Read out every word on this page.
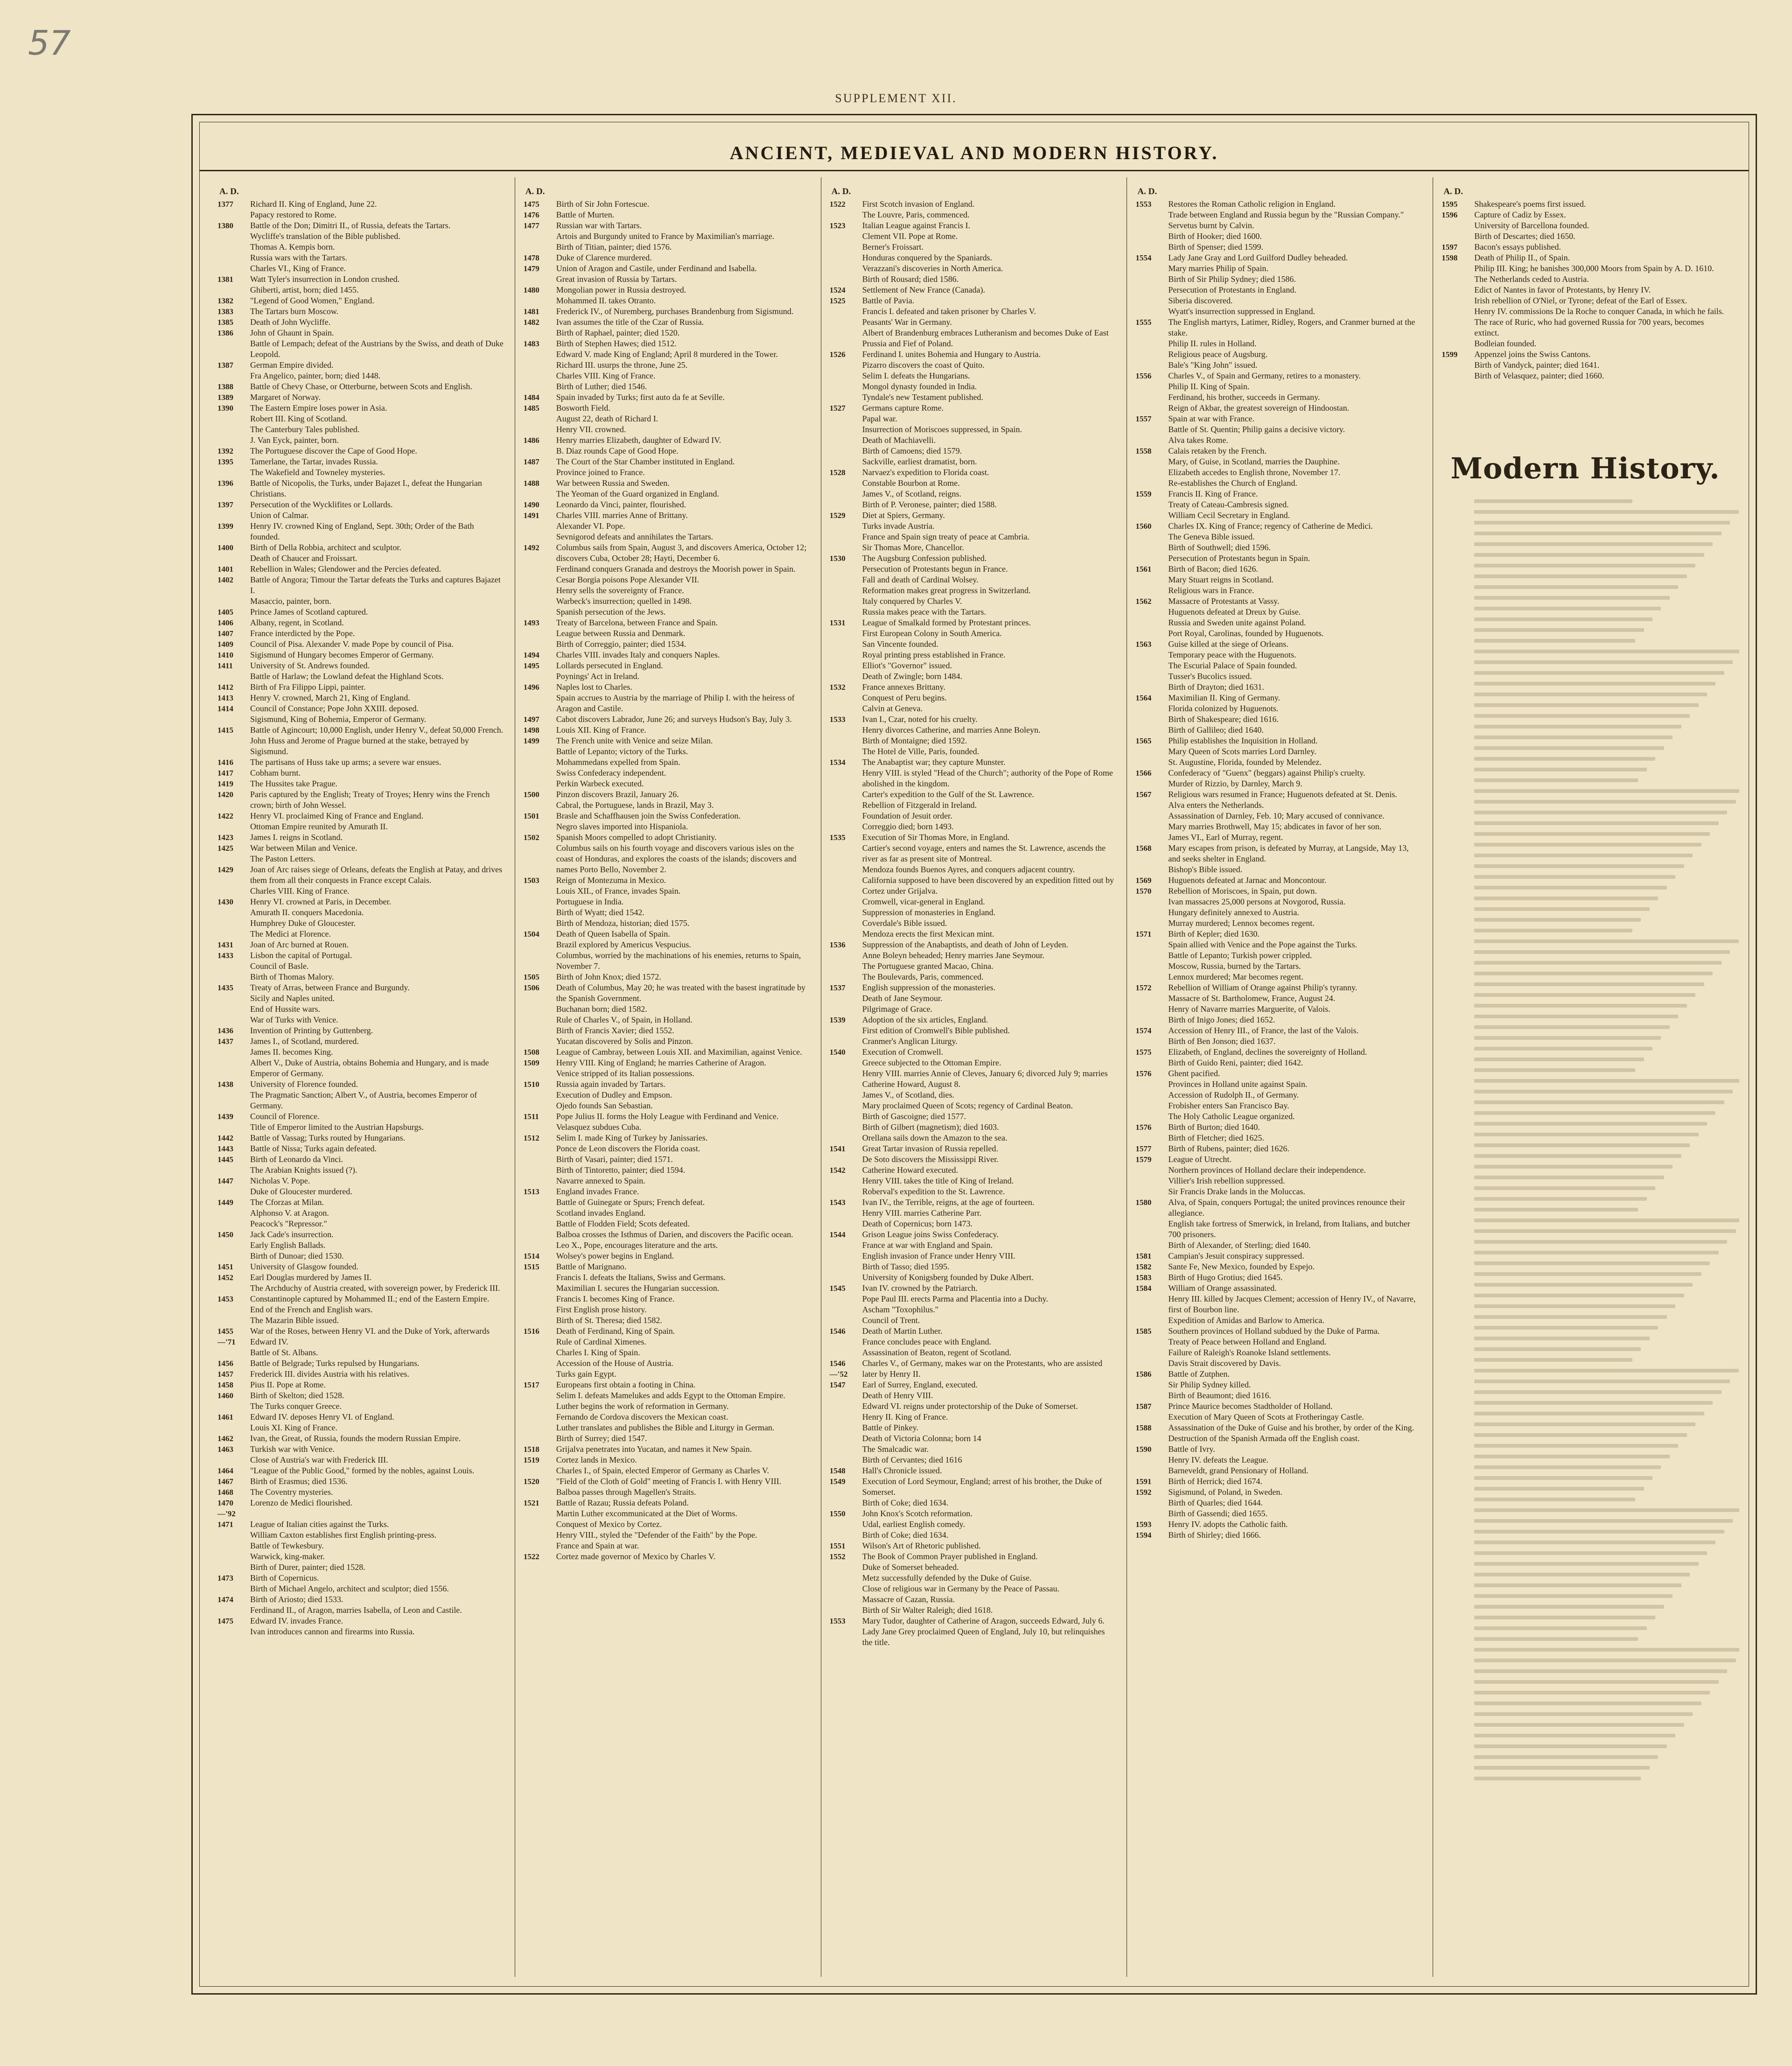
57
SUPPLEMENT XII.
ANCIENT, MEDIEVAL AND MODERN HISTORY.
A. D.
1377	Richard II. King of England, June 22.
Papacy restored to Rome.
1380	Battle of the Don; Dimitri II., of Russia, defeats the Tartars.
Wycliffe's translation of the Bible published.
Thomas A. Kempis born.
Russia wars with the Tartars.
Charles VI., King of France.
1381	Watt Tyler's insurrection in London crushed.
Ghiberti, artist, born; died 1455.
1382	"Legend of Good Women," England.
1383	The Tartars burn Moscow.
1385	Death of John Wycliffe.
1386	John of Ghaunt in Spain.
Battle of Lempach; defeat of the Austrians by the Swiss, and death of Duke Leopold.
1387	German Empire divided.
Fra Angelico, painter, born; died 1448.
1388	Battle of Chevy Chase, or Otterburne, between Scots and English.
1389	Margaret of Norway.
1390	The Eastern Empire loses power in Asia.
Robert III. King of Scotland.
The Canterbury Tales published.
J. Van Eyck, painter, born.
1392	The Portuguese discover the Cape of Good Hope.
1395	Tamerlane, the Tartar, invades Russia.
The Wakefield and Towneley mysteries.
1396	Battle of Nicopolis, the Turks, under Bajazet I., defeat the Hungarian Christians.
1397	Persecution of the Wycklifites or Lollards.
Union of Calmar.
1399	Henry IV. crowned King of England, Sept. 30th; Order of the Bath founded.
1400	Birth of Della Robbia, architect and sculptor.
Death of Chaucer and Froissart.
1401	Rebellion in Wales; Glendower and the Percies defeated.
1402	Battle of Angora; Timour the Tartar defeats the Turks and captures Bajazet I.
Masaccio, painter, born.
1405	Prince James of Scotland captured.
1406	Albany, regent, in Scotland.
1407	France interdicted by the Pope.
1409	Council of Pisa. Alexander V. made Pope by council of Pisa.
1410	Sigismund of Hungary becomes Emperor of Germany.
1411	University of St. Andrews founded.
Battle of Harlaw; the Lowland defeat the Highland Scots.
1412	Birth of Fra Filippo Lippi, painter.
1413	Henry V. crowned, March 21, King of England.
1414	Council of Constance; Pope John XXIII. deposed.
Sigismund, King of Bohemia, Emperor of Germany.
1415	Battle of Agincourt; 10,000 English, under Henry V., defeat 50,000 French.
John Huss and Jerome of Prague burned at the stake, betrayed by Sigismund.
1416	The partisans of Huss take up arms; a severe war ensues.
1417	Cobham burnt.
1419	The Hussites take Prague.
1420	Paris captured by the English; Treaty of Troyes; Henry wins the French crown; birth of John Wessel.
1422	Henry VI. proclaimed King of France and England.
Ottoman Empire reunited by Amurath II.
1423	James I. reigns in Scotland.
1425	War between Milan and Venice.
The Paston Letters.
1429	Joan of Arc raises siege of Orleans, defeats the English at Patay, and drives them from all their conquests in France except Calais.
Charles VIII. King of France.
1430	Henry VI. crowned at Paris, in December.
Amurath II. conquers Macedonia.
Humphrey Duke of Gloucester.
The Medici at Florence.
1431	Joan of Arc burned at Rouen.
1433	Lisbon the capital of Portugal.
Council of Basle.
Birth of Thomas Malory.
1435	Treaty of Arras, between France and Burgundy.
Sicily and Naples united.
End of Hussite wars.
War of Turks with Venice.
1436	Invention of Printing by Guttenberg.
1437	James I., of Scotland, murdered.
James II. becomes King.
Albert V., Duke of Austria, obtains Bohemia and Hungary, and is made Emperor of Germany.
1438	University of Florence founded.
The Pragmatic Sanction; Albert V., of Austria, becomes Emperor of Germany.
1439	Council of Florence.
Title of Emperor limited to the Austrian Hapsburgs.
1442	Battle of Vassag; Turks routed by Hungarians.
1443	Battle of Nissa; Turks again defeated.
1445	Birth of Leonardo da Vinci.
The Arabian Knights issued (?).
1447	Nicholas V. Pope.
Duke of Gloucester murdered.
1449	The Cforzas at Milan.
Alphonso V. at Aragon.
Peacock's "Repressor."
1450	Jack Cade's insurrection.
Early English Ballads.
Birth of Dunoar; died 1530.
1451	University of Glasgow founded.
1452	Earl Douglas murdered by James II.
The Archduchy of Austria created, with sovereign power, by Frederick III.
1453	Constantinople captured by Mohammed II.; end of the Eastern Empire.
End of the French and English wars.
The Mazarin Bible issued.
1455—'71
War of the Roses, between Henry VI. and the Duke of York, afterwards Edward IV.
Battle of St. Albans.
1456	Battle of Belgrade; Turks repulsed by Hungarians.
1457	Frederick III. divides Austria with his relatives.
1458	Pius II. Pope at Rome.
1460	Birth of Skelton; died 1528.
The Turks conquer Greece.
1461	Edward IV. deposes Henry VI. of England.
Louis XI. King of France.
1462	Ivan, the Great, of Russia, founds the modern Russian Empire.
1463	Turkish war with Venice.
Close of Austria's war with Frederick III.
1464	"League of the Public Good," formed by the nobles, against Louis.
1467	Birth of Erasmus; died 1536.
1468	The Coventry mysteries.
1470—'92
Lorenzo de Medici flourished.
1471	League of Italian cities against the Turks.
William Caxton establishes first English printing-press.
Battle of Tewkesbury.
Warwick, king-maker.
Birth of Durer, painter; died 1528.
1473	Birth of Copernicus.
Birth of Michael Angelo, architect and sculptor; died 1556.
1474	Birth of Ariosto; died 1533.
Ferdinand II., of Aragon, marries Isabella, of Leon and Castile.
1475	Edward IV. invades France.
Ivan introduces cannon and firearms into Russia.
A. D.
1475	Birth of Sir John Fortescue.
1476	Battle of Murten.
1477	Russian war with Tartars.
Artois and Burgundy united to France by Maximilian's marriage.
Birth of Titian, painter; died 1576.
1478	Duke of Clarence murdered.
1479	Union of Aragon and Castile, under Ferdinand and Isabella.
Great invasion of Russia by Tartars.
1480	Mongolian power in Russia destroyed.
Mohammed II. takes Otranto.
1481	Frederick IV., of Nuremberg, purchases Brandenburg from Sigismund.
1482	Ivan assumes the title of the Czar of Russia.
Birth of Raphael, painter; died 1520.
1483	Birth of Stephen Hawes; died 1512.
Edward V. made King of England; April 8 murdered in the Tower.
Richard III. usurps the throne, June 25.
Charles VIII. King of France.
Birth of Luther; died 1546.
1484	Spain invaded by Turks; first auto da fe at Seville.
1485	Bosworth Field.
August 22, death of Richard I.
Henry VII. crowned.
1486	Henry marries Elizabeth, daughter of Edward IV.
B. Diaz rounds Cape of Good Hope.
1487	The Court of the Star Chamber instituted in England.
Province joined to France.
1488	War between Russia and Sweden.
The Yeoman of the Guard organized in England.
1490	Leonardo da Vinci, painter, flourished.
1491	Charles VIII. marries Anne of Brittany.
Alexander VI. Pope.
Sevnigorod defeats and annihilates the Tartars.
1492	Columbus sails from Spain, August 3, and discovers America, October 12; discovers Cuba, October 28; Hayti, December 6.
Ferdinand conquers Granada and destroys the Moorish power in Spain.
Cesar Borgia poisons Pope Alexander VII.
Henry sells the sovereignty of France.
Warbeck's insurrection; quelled in 1498.
Spanish persecution of the Jews.
1493	Treaty of Barcelona, between France and Spain.
League between Russia and Denmark.
Birth of Correggio, painter; died 1534.
1494	Charles VIII. invades Italy and conquers Naples.
1495	Lollards persecuted in England.
Poynings' Act in Ireland.
1496	Naples lost to Charles.
Spain accrues to Austria by the marriage of Philip I. with the heiress of Aragon and Castile.
1497	Cabot discovers Labrador, June 26; and surveys Hudson's Bay, July 3.
1498	Louis XII. King of France.
1499	The French unite with Venice and seize Milan.
Battle of Lepanto; victory of the Turks.
Mohammedans expelled from Spain.
Swiss Confederacy independent.
Perkin Warbeck executed.
1500	Pinzon discovers Brazil, January 26.
Cabral, the Portuguese, lands in Brazil, May 3.
1501	Brasle and Schaffhausen join the Swiss Confederation.
Negro slaves imported into Hispaniola.
1502	Spanish Moors compelled to adopt Christianity.
Columbus sails on his fourth voyage and discovers various isles on the coast of Honduras, and explores the coasts of the islands; discovers and names Porto Bello, November 2.
1503	Reign of Montezuma in Mexico.
Louis XII., of France, invades Spain.
Portuguese in India.
Birth of Wyatt; died 1542.
Birth of Mendoza, historian; died 1575.
1504	Death of Queen Isabella of Spain.
Brazil explored by Americus Vespucius.
Columbus, worried by the machinations of his enemies, returns to Spain, November 7.
1505	Birth of John Knox; died 1572.
1506	Death of Columbus, May 20; he was treated with the basest ingratitude by the Spanish Government.
Buchanan born; died 1582.
Rule of Charles V., of Spain, in Holland.
Birth of Francis Xavier; died 1552.
Yucatan discovered by Solis and Pinzon.
1508	League of Cambray, between Louis XII. and Maximilian, against Venice.
1509	Henry VIII. King of England; he marries Catherine of Aragon.
Venice stripped of its Italian possessions.
1510	Russia again invaded by Tartars.
Execution of Dudley and Empson.
Ojedo founds San Sebastian.
1511	Pope Julius II. forms the Holy League with Ferdinand and Venice.
Velasquez subdues Cuba.
1512	Selim I. made King of Turkey by Janissaries.
Ponce de Leon discovers the Florida coast.
Birth of Vasari, painter; died 1571.
Birth of Tintoretto, painter; died 1594.
Navarre annexed to Spain.
1513	England invades France.
Battle of Guinegate or Spurs; French defeat.
Scotland invades England.
Battle of Flodden Field; Scots defeated.
Balboa crosses the Isthmus of Darien, and discovers the Pacific ocean.
Leo X., Pope, encourages literature and the arts.
1514	Wolsey's power begins in England.
1515	Battle of Marignano.
Francis I. defeats the Italians, Swiss and Germans.
Maximilian I. secures the Hungarian succession.
Francis I. becomes King of France.
First English prose history.
Birth of St. Theresa; died 1582.
1516	Death of Ferdinand, King of Spain.
Rule of Cardinal Ximenes.
Charles I. King of Spain.
Accession of the House of Austria.
Turks gain Egypt.
1517	Europeans first obtain a footing in China.
Selim I. defeats Mamelukes and adds Egypt to the Ottoman Empire.
Luther begins the work of reformation in Germany.
Fernando de Cordova discovers the Mexican coast.
Luther translates and publishes the Bible and Liturgy in German.
Birth of Surrey; died 1547.
1518	Grijalva penetrates into Yucatan, and names it New Spain.
1519	Cortez lands in Mexico.
Charles I., of Spain, elected Emperor of Germany as Charles V.
1520	"Field of the Cloth of Gold" meeting of Francis I. with Henry VIII.
Balboa passes through Magellen's Straits.
1521	Battle of Razau; Russia defeats Poland.
Martin Luther excommunicated at the Diet of Worms.
Conquest of Mexico by Cortez.
Henry VIII., styled the "Defender of the Faith" by the Pope.
France and Spain at war.
1522	Cortez made governor of Mexico by Charles V.
A. D.
1522	First Scotch invasion of England.
The Louvre, Paris, commenced.
1523	Italian League against Francis I.
Clement VII. Pope at Rome.
Berner's Froissart.
Honduras conquered by the Spaniards.
Verazzani's discoveries in North America.
Birth of Rousard; died 1586.
1524	Settlement of New France (Canada).
1525	Battle of Pavia.
Francis I. defeated and taken prisoner by Charles V.
Peasants' War in Germany.
Albert of Brandenburg embraces Lutheranism and becomes Duke of East Prussia and Fief of Poland.
1526	Ferdinand I. unites Bohemia and Hungary to Austria.
Pizarro discovers the coast of Quito.
Selim I. defeats the Hungarians.
Mongol dynasty founded in India.
Tyndale's new Testament published.
1527	Germans capture Rome.
Papal war.
Insurrection of Moriscoes suppressed, in Spain.
Death of Machiavelli.
Birth of Camoens; died 1579.
Sackville, earliest dramatist, born.
1528	Narvaez's expedition to Florida coast.
Constable Bourbon at Rome.
James V., of Scotland, reigns.
Birth of P. Veronese, painter; died 1588.
1529	Diet at Spiers, Germany.
Turks invade Austria.
France and Spain sign treaty of peace at Cambria.
Sir Thomas More, Chancellor.
1530	The Augsburg Confession published.
Persecution of Protestants begun in France.
Fall and death of Cardinal Wolsey.
Reformation makes great progress in Switzerland.
Italy conquered by Charles V.
Russia makes peace with the Tartars.
1531	League of Smalkald formed by Protestant princes.
First European Colony in South America.
San Vincente founded.
Royal printing press established in France.
Elliot's "Governor" issued.
Death of Zwingle; born 1484.
1532	France annexes Brittany.
Conquest of Peru begins.
Calvin at Geneva.
1533	Ivan I., Czar, noted for his cruelty.
Henry divorces Catherine, and marries Anne Boleyn.
Birth of Montaigne; died 1592.
The Hotel de Ville, Paris, founded.
1534	The Anabaptist war; they capture Munster.
Henry VIII. is styled "Head of the Church"; authority of the Pope of Rome abolished in the kingdom.
Carter's expedition to the Gulf of the St. Lawrence.
Rebellion of Fitzgerald in Ireland.
Foundation of Jesuit order.
Correggio died; born 1493.
1535	Execution of Sir Thomas More, in England.
Cartier's second voyage, enters and names the St. Lawrence, ascends the river as far as present site of Montreal.
Mendoza founds Buenos Ayres, and conquers adjacent country.
California supposed to have been discovered by an expedition fitted out by Cortez under Grijalva.
Cromwell, vicar-general in England.
Suppression of monasteries in England.
Coverdale's Bible issued.
Mendoza erects the first Mexican mint.
1536	Suppression of the Anabaptists, and death of John of Leyden.
Anne Boleyn beheaded; Henry marries Jane Seymour.
The Portuguese granted Macao, China.
The Boulevards, Paris, commenced.
1537	English suppression of the monasteries.
Death of Jane Seymour.
Pilgrimage of Grace.
1539	Adoption of the six articles, England.
First edition of Cromwell's Bible published.
Cranmer's Anglican Liturgy.
1540	Execution of Cromwell.
Greece subjected to the Ottoman Empire.
Henry VIII. marries Annie of Cleves, January 6; divorced July 9; marries Catherine Howard, August 8.
James V., of Scotland, dies.
Mary proclaimed Queen of Scots; regency of Cardinal Beaton.
Birth of Gascoigne; died 1577.
Birth of Gilbert (magnetism); died 1603.
Orellana sails down the Amazon to the sea.
1541	Great Tartar invasion of Russia repelled.
De Soto discovers the Mississippi River.
1542	Catherine Howard executed.
Henry VIII. takes the title of King of Ireland.
Roberval's expedition to the St. Lawrence.
1543	Ivan IV., the Terrible, reigns, at the age of fourteen.
Henry VIII. marries Catherine Parr.
Death of Copernicus; born 1473.
1544	Grison League joins Swiss Confederacy.
France at war with England and Spain.
English invasion of France under Henry VIII.
Birth of Tasso; died 1595.
University of Konigsberg founded by Duke Albert.
1545	Ivan IV. crowned by the Patriarch.
Pope Paul III. erects Parma and Placentia into a Duchy.
Ascham "Toxophilus."
Council of Trent.
1546	Death of Martin Luther.
France concludes peace with England.
Assassination of Beaton, regent of Scotland.
1546—'52
Charles V., of Germany, makes war on the Protestants, who are assisted later by Henry II.
1547	Earl of Surrey, England, executed.
Death of Henry VIII.
Edward VI. reigns under protectorship of the Duke of Somerset.
Henry II. King of France.
Battle of Pinkey.
Death of Victoria Colonna; born 14
The Smalcadic war.
Birth of Cervantes; died 1616
1548	Hall's Chronicle issued.
1549	Execution of Lord Seymour, England; arrest of his brother, the Duke of Somerset.
Birth of Coke; died 1634.
1550	John Knox's Scotch reformation.
Udal, earliest English comedy.
Birth of Coke; died 1634.
1551	Wilson's Art of Rhetoric published.
1552	The Book of Common Prayer published in England.
Duke of Somerset beheaded.
Metz successfully defended by the Duke of Guise.
Close of religious war in Germany by the Peace of Passau.
Massacre of Cazan, Russia.
Birth of Sir Walter Raleigh; died 1618.
1553	Mary Tudor, daughter of Catherine of Aragon, succeeds Edward, July 6.
Lady Jane Grey proclaimed Queen of England, July 10, but relinquishes the title.
A. D.
1553	Restores the Roman Catholic religion in England.
Trade between England and Russia begun by the "Russian Company."
Servetus burnt by Calvin.
Birth of Hooker; died 1600.
Birth of Spenser; died 1599.
1554	Lady Jane Gray and Lord Guilford Dudley beheaded.
Mary marries Philip of Spain.
Birth of Sir Philip Sydney; died 1586.
Persecution of Protestants in England.
Siberia discovered.
Wyatt's insurrection suppressed in England.
1555	The English martyrs, Latimer, Ridley, Rogers, and Cranmer burned at the stake.
Philip II. rules in Holland.
Religious peace of Augsburg.
Bale's "King John" issued.
1556	Charles V., of Spain and Germany, retires to a monastery.
Philip II. King of Spain.
Ferdinand, his brother, succeeds in Germany.
Reign of Akbar, the greatest sovereign of Hindoostan.
1557	Spain at war with France.
Battle of St. Quentin; Philip gains a decisive victory.
Alva takes Rome.
1558	Calais retaken by the French.
Mary, of Guise, in Scotland, marries the Dauphine.
Elizabeth accedes to English throne, November 17.
Re-establishes the Church of England.
1559	Francis II. King of France.
Treaty of Cateau-Cambresis signed.
William Cecil Secretary in England.
1560	Charles IX. King of France; regency of Catherine de Medici.
The Geneva Bible issued.
Birth of Southwell; died 1596.
Persecution of Protestants begun in Spain.
1561	Birth of Bacon; died 1626.
Mary Stuart reigns in Scotland.
Religious wars in France.
1562	Massacre of Protestants at Vassy.
Huguenots defeated at Dreux by Guise.
Russia and Sweden unite against Poland.
Port Royal, Carolinas, founded by Huguenots.
1563	Guise killed at the siege of Orleans.
Temporary peace with the Huguenots.
The Escurial Palace of Spain founded.
Tusser's Bucolics issued.
Birth of Drayton; died 1631.
1564	Maximilian II. King of Germany.
Florida colonized by Huguenots.
Birth of Shakespeare; died 1616.
Birth of Gallileo; died 1640.
1565	Philip establishes the Inquisition in Holland.
Mary Queen of Scots marries Lord Darnley.
St. Augustine, Florida, founded by Melendez.
1566	Confederacy of "Guenx" (beggars) against Philip's cruelty.
Murder of Rizzio, by Darnley, March 9.
1567	Religious wars resumed in France; Huguenots defeated at St. Denis.
Alva enters the Netherlands.
Assassination of Darnley, Feb. 10; Mary accused of connivance.
Mary marries Brothwell, May 15; abdicates in favor of her son.
James VI., Earl of Murray, regent.
1568	Mary escapes from prison, is defeated by Murray, at Langside, May 13, and seeks shelter in England.
Bishop's Bible issued.
1569	Huguenots defeated at Jarnac and Moncontour.
1570	Rebellion of Moriscoes, in Spain, put down.
Ivan massacres 25,000 persons at Novgorod, Russia.
Hungary definitely annexed to Austria.
Murray murdered; Lennox becomes regent.
1571	Birth of Kepler; died 1630.
Spain allied with Venice and the Pope against the Turks.
Battle of Lepanto; Turkish power crippled.
Moscow, Russia, burned by the Tartars.
Lennox murdered; Mar becomes regent.
1572	Rebellion of William of Orange against Philip's tyranny.
Massacre of St. Bartholomew, France, August 24.
Henry of Navarre marries Marguerite, of Valois.
Birth of Inigo Jones; died 1652.
1574	Accession of Henry III., of France, the last of the Valois.
Birth of Ben Jonson; died 1637.
1575	Elizabeth, of England, declines the sovereignty of Holland.
Birth of Guido Reni, painter; died 1642.
1576	Ghent pacified.
Provinces in Holland unite against Spain.
Accession of Rudolph II., of Germany.
Frobisher enters San Francisco Bay.
The Holy Catholic League organized.
1576	Birth of Burton; died 1640.
Birth of Fletcher; died 1625.
1577	Birth of Rubens, painter; died 1626.
1579	League of Utrecht.
Northern provinces of Holland declare their independence.
Villier's Irish rebellion suppressed.
Sir Francis Drake lands in the Moluccas.
1580	Alva, of Spain, conquers Portugal; the united provinces renounce their allegiance.
English take fortress of Smerwick, in Ireland, from Italians, and butcher 700 prisoners.
Birth of Alexander, of Sterling; died 1640.
1581	Campian's Jesuit conspiracy suppressed.
1582	Sante Fe, New Mexico, founded by Espejo.
1583	Birth of Hugo Grotius; died 1645.
1584	William of Orange assassinated.
Henry III. killed by Jacques Clement; accession of Henry IV., of Navarre, first of Bourbon line.
Expedition of Amidas and Barlow to America.
1585	Southern provinces of Holland subdued by the Duke of Parma.
Treaty of Peace between Holland and England.
Failure of Raleigh's Roanoke Island settlements.
Davis Strait discovered by Davis.
1586	Battle of Zutphen.
Sir Philip Sydney killed.
Birth of Beaumont; died 1616.
1587	Prince Maurice becomes Stadtholder of Holland.
Execution of Mary Queen of Scots at Frotheringay Castle.
1588	Assassination of the Duke of Guise and his brother, by order of the King.
Destruction of the Spanish Armada off the English coast.
1590	Battle of Ivry.
Henry IV. defeats the League.
Barneveldt, grand Pensionary of Holland.
1591	Birth of Herrick; died 1674.
1592	Sigismund, of Poland, in Sweden.
Birth of Quarles; died 1644.
Birth of Gassendi; died 1655.
1593	Henry IV. adopts the Catholic faith.
1594	Birth of Shirley; died 1666.
A. D.
1595	Shakespeare's poems first issued.
1596	Capture of Cadiz by Essex.
University of Barcellona founded.
Birth of Descartes; died 1650.
1597	Bacon's essays published.
1598	Death of Philip II., of Spain.
Philip III. King; he banishes 300,000 Moors from Spain by A. D. 1610.
The Netherlands ceded to Austria.
Edict of Nantes in favor of Protestants, by Henry IV.
Irish rebellion of O'Niel, or Tyrone; defeat of the Earl of Essex.
Henry IV. commissions De la Roche to conquer Canada, in which he fails.
The race of Ruric, who had governed Russia for 700 years, becomes extinct.
Bodleian founded.
1599	Appenzel joins the Swiss Cantons.
Birth of Vandyck, painter; died 1641.
Birth of Velasquez, painter; died 1660.
Modern History.
